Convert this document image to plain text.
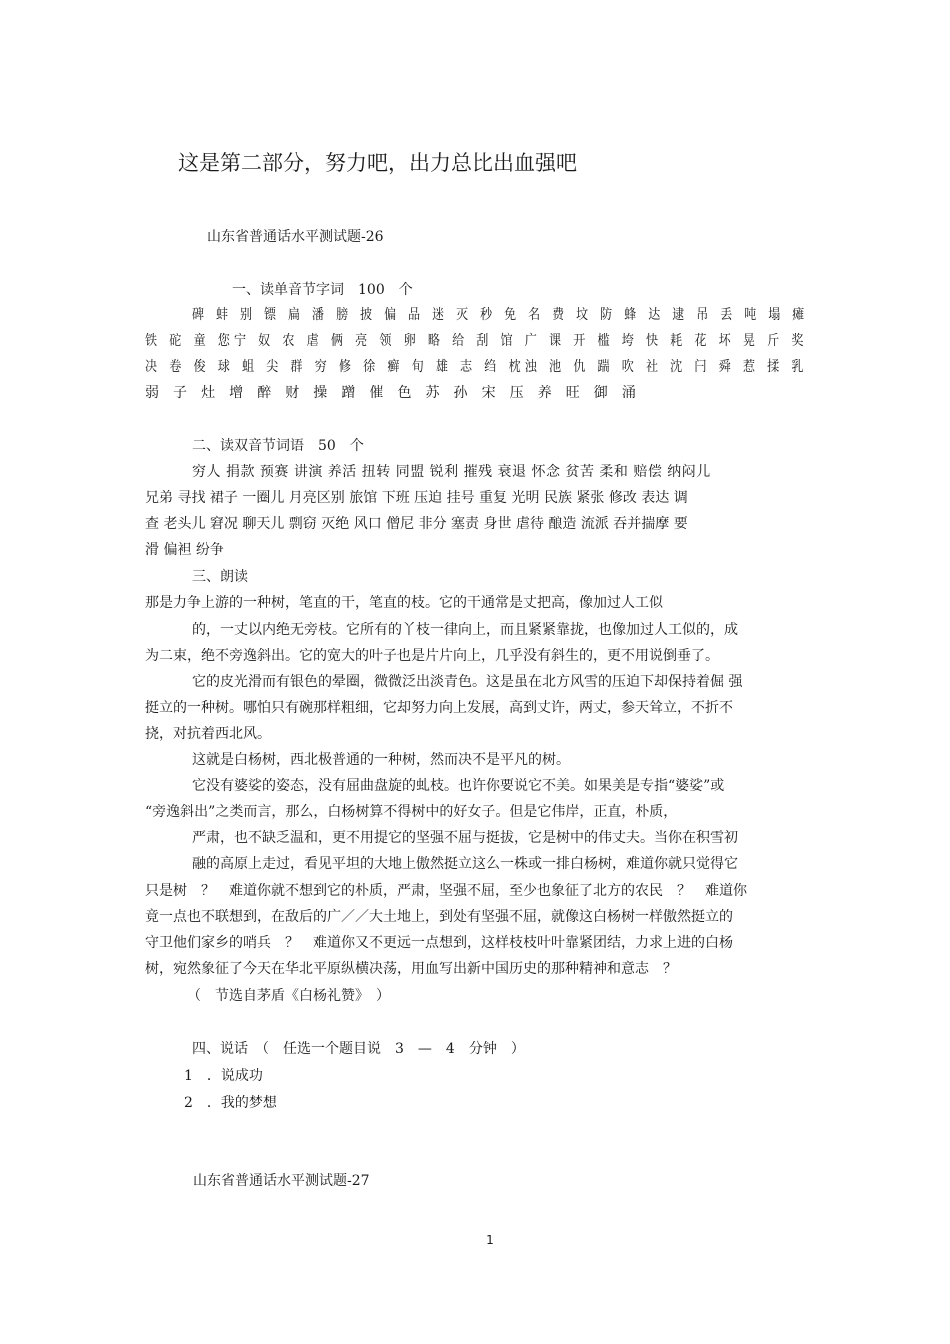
这是第二部分，努力吧，出力总比出血强吧
山东省普通话水平测试题-26
一、读单音节字词　100　个
碑 蚌 别 镖 扁 潘 膀 披 偏 品 迷 灭 秒 免 名 费 坟 防 蜂 达 逮 吊 丢 吨 塌 瘫
铁 砣 童 您宁 奴 农 虐 俩 亮 领 卵 略 给 刮 馆 广 课 开 槛 垮 快 耗 花 坏 晃 斤 奖
决 卷 俊 球 蛆 尖 群 穷 修 徐 癣 旬 雄 志 绉 枕浊 池 仇 踹 吹 社 沈 闩 舜 惹 揉 乳
弱 子 灶 增 醉 财 操 蹭 催 色 苏 孙 宋 压 养 旺 御 涌
二、读双音节词语　50　个
穷人 捐款 预赛 讲演 养活 扭转 同盟 锐利 摧残 衰退 怀念 贫苦 柔和 赔偿 纳闷儿
兄弟 寻找 裙子 一圈儿 月亮区别 旅馆 下班 压迫 挂号 重复 光明 民族 紧张 修改 表达 调
查 老头儿 窘况 聊天儿 剽窃 灭绝 风口 僧尼 非分 塞责 身世 虐待 酿造 流派 吞并揣摩 要
滑 偏袒 纷争
三、朗读
那是力争上游的一种树，笔直的干，笔直的枝。它的干通常是丈把高，像加过人工似
的，一丈以内绝无旁枝。它所有的丫枝一律向上，而且紧紧靠拢，也像加过人工似的，成
为二束，绝不旁逸斜出。它的宽大的叶子也是片片向上，几乎没有斜生的，更不用说倒垂了。
它的皮光滑而有银色的晕圈，微微泛出淡青色。这是虽在北方风雪的压迫下却保持着倔 强
挺立的一种树。哪怕只有碗那样粗细，它却努力向上发展，高到丈许，两丈，参天耸立，不折不
挠，对抗着西北风。
这就是白杨树，西北极普通的一种树，然而决不是平凡的树。
它没有婆娑的姿态，没有屈曲盘旋的虬枝。也许你要说它不美。如果美是专指“婆娑”或
“旁逸斜出”之类而言，那么，白杨树算不得树中的好女子。但是它伟岸，正直，朴质，
严肃，也不缺乏温和，更不用提它的坚强不屈与挺拔，它是树中的伟丈夫。当你在积雪初
融的高原上走过，看见平坦的大地上傲然挺立这么一株或一排白杨树，难道你就只觉得它
只是树　？　难道你就不想到它的朴质，严肃，坚强不屈，至少也象征了北方的农民　？　难道你
竟一点也不联想到，在敌后的广／／大土地上，到处有坚强不屈，就像这白杨树一样傲然挺立的
守卫他们家乡的哨兵　？　难道你又不更远一点想到，这样枝枝叶叶靠紧团结，力求上进的白杨
树，宛然象征了今天在华北平原纵横决荡，用血写出新中国历史的那种精神和意志　？
（　节选自茅盾《白杨礼赞》　）
四、说话　（　任选一个题目说　3　—　4　分钟　）
1　．说成功
2　．我的梦想
山东省普通话水平测试题-27
1
